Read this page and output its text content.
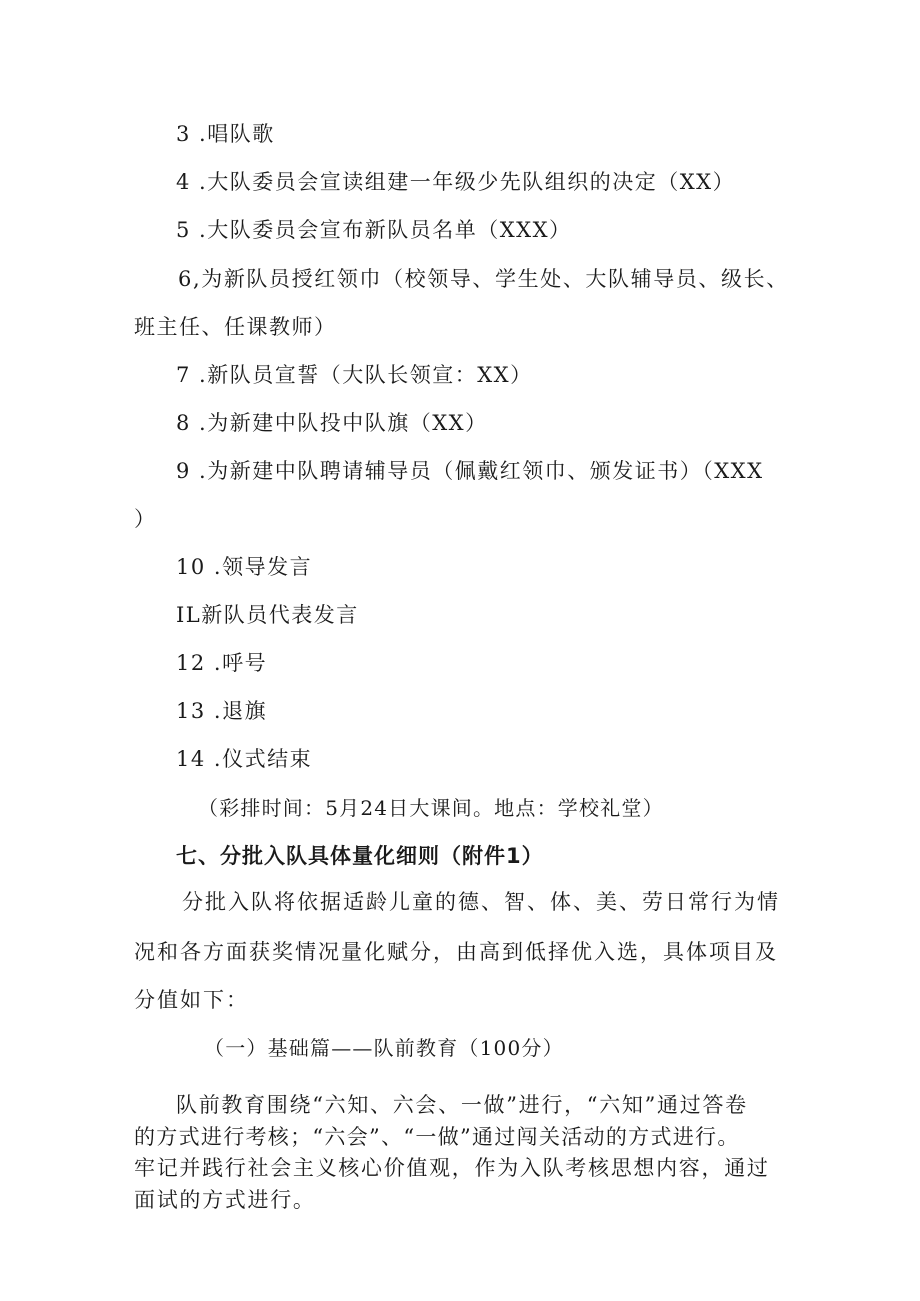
3 .唱队歌
4 .大队委员会宣读组建一年级少先队组织的决定（XX）
5 .大队委员会宣布新队员名单（XXX）
6,为新队员授红领巾（校领导、学生处、大队辅导员、级长、
班主任、任课教师）
7 .新队员宣誓（大队长领宣：XX）
8 .为新建中队投中队旗（XX）
9 .为新建中队聘请辅导员（佩戴红领巾、颁发证书）（XXX
）
10 .领导发言
IL新队员代表发言
12 .呼号
13 .退旗
14 .仪式结束
（彩排时间：5月24日大课间。地点：学校礼堂）
七、分批入队具体量化细则（附件1）
分批入队将依据适龄儿童的德、智、体、美、劳日常行为情
况和各方面获奖情况量化赋分，由高到低择优入选，具体项目及
分值如下：
（一）基础篇——队前教育（100分）
队前教育围绕“六知、六会、一做”进行，“六知”通过答卷
的方式进行考核；“六会”、“一做”通过闯关活动的方式进行。
牢记并践行社会主义核心价值观，作为入队考核思想内容，通过
面试的方式进行。
